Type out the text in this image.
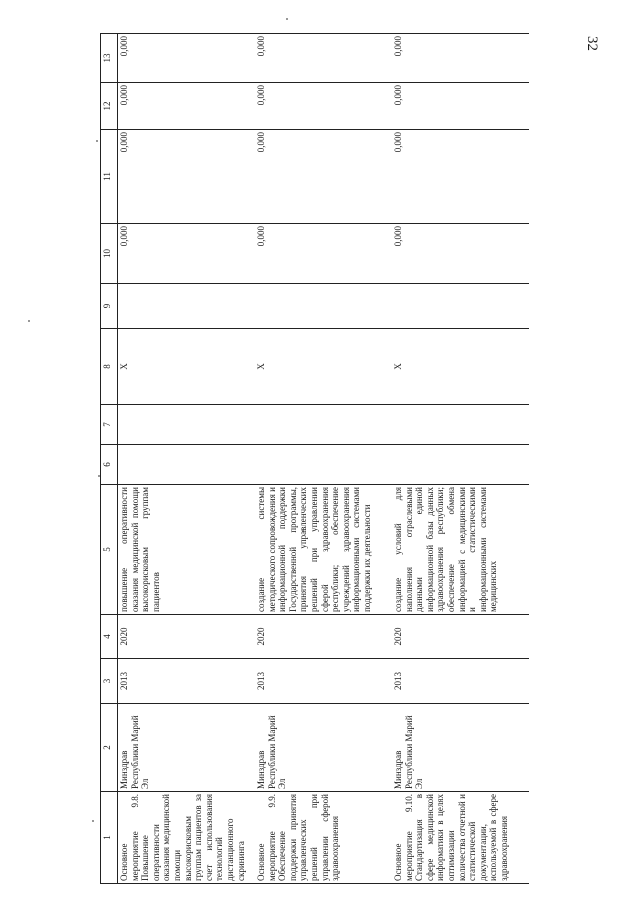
32
1	2	3	4	5	6	7	8	9	10	11	12	13
Основное мероприятие 9.8. Повышение оперативности оказания медицинской помощи высокорисковым группам пациентов за счет использования технологий дистанционного скрининга	Минздрав Республики Марий Эл	2013	2020	повышение оперативности оказания медицинской помощи высокорисковым группам пациентов			X		0,000	0,000	0,000	0,000
Основное мероприятие 9.9. Обеспечение поддержки принятия управленческих решений при управлении сферой здравоохранения	Минздрав Республики Марий Эл	2013	2020	создание системы методического сопровождения и информационной поддержки Государственной программы, принятия управленческих решений при управлении сферой здравоохранения республики; обеспечение учреждений здравоохранения информационными системами поддержки их деятельности			X		0,000	0,000	0,000	0,000
Основное мероприятие 9.10. Стандартизация в сфере медицинской информатики в целях оптимизации количества отчетной и статистической документации, используемой в сфере здравоохранения	Минздрав Республики Марий Эл	2013	2020	создание условий для наполнения отраслевыми данными единой информационной базы данных здравоохранения республики; обеспечение обмена информацией с медицинскими и статистическими информационными системами медицинских			X		0,000	0,000	0,000	0,000
